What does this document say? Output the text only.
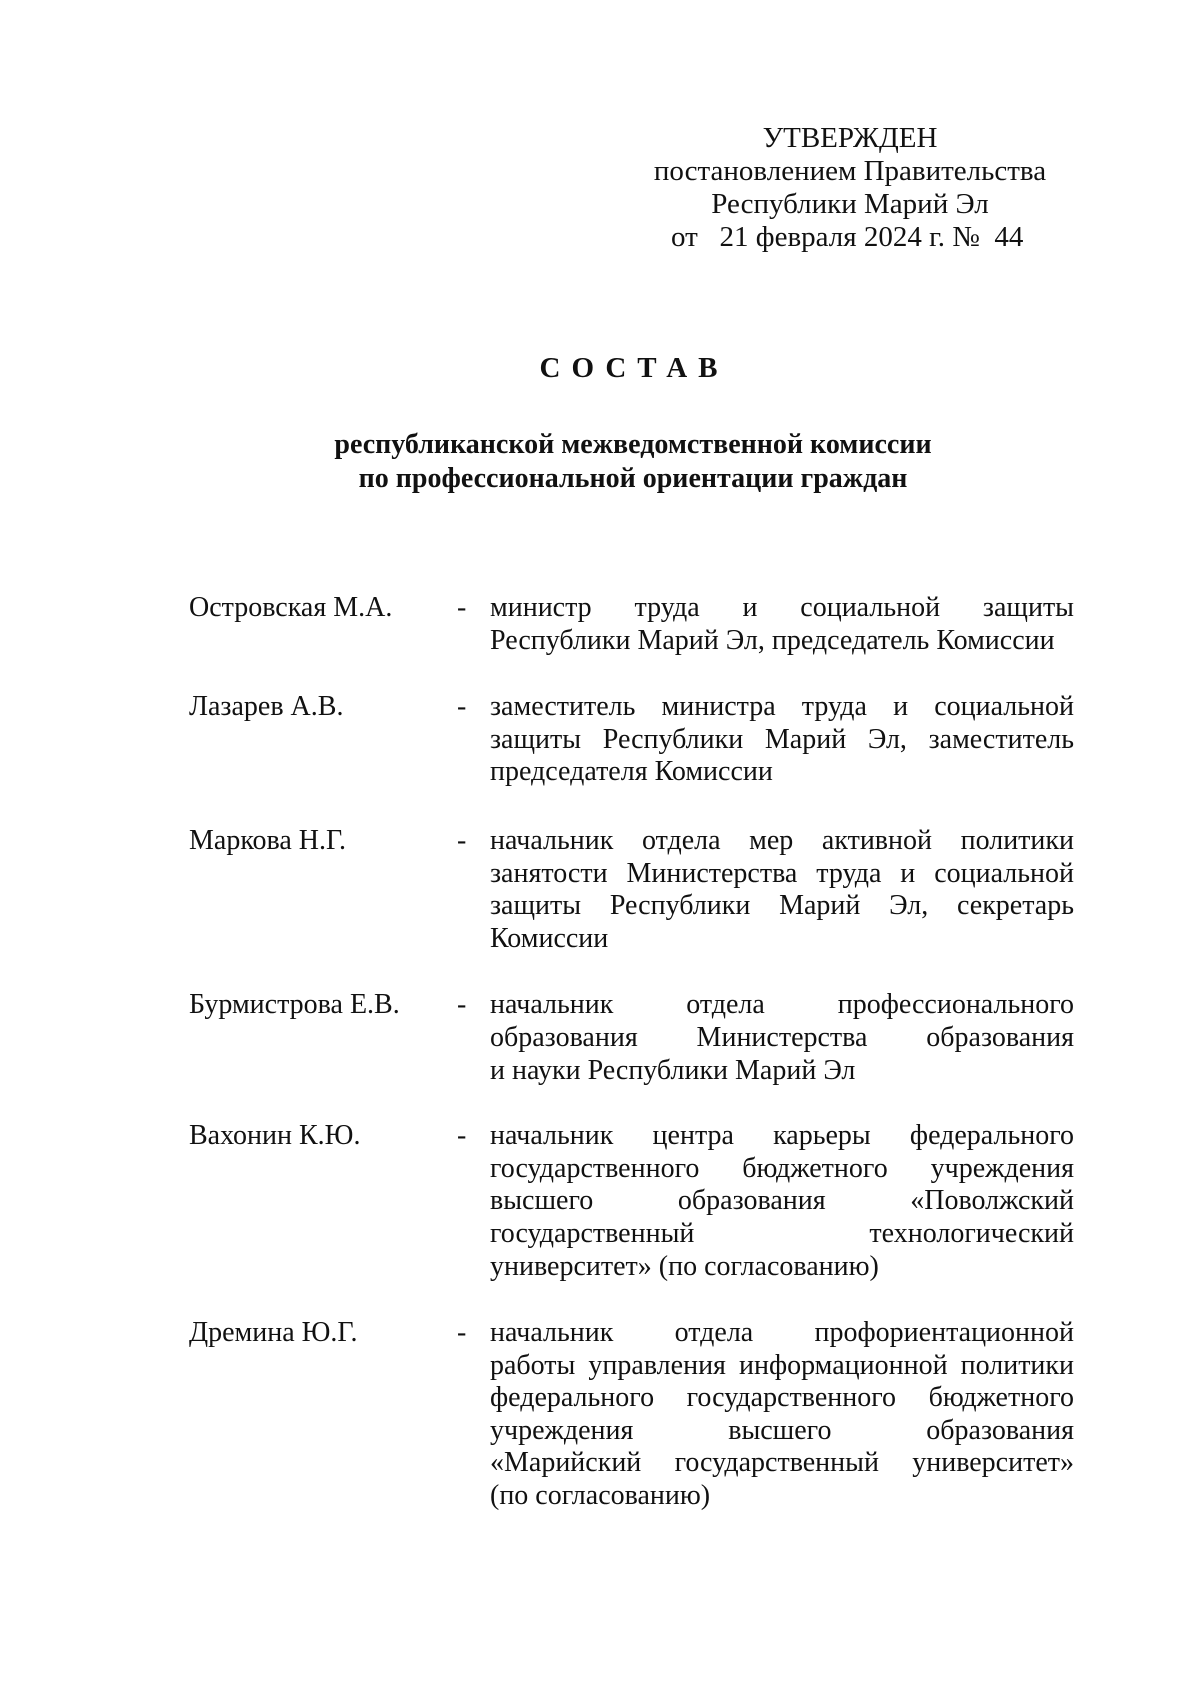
УТВЕРЖДЕН
постановлением Правительства
Республики Марий Эл
от 21 февраля 2024 г. № 44
СОСТАВ
республиканской межведомственной комиссии
по профессиональной ориентации граждан
Островская М.А.	- министр труда и социальной защиты
Республики Марий Эл, председатель Комиссии
Лазарев А.В.	- заместитель министра труда и социальной
защиты Республики Марий Эл, заместитель
председателя Комиссии
Маркова Н.Г.	- начальник отдела мер активной политики
занятости Министерства труда и социальной
защиты Республики Марий Эл, секретарь
Комиссии
Бурмистрова Е.В.	- начальник отдела профессионального
образования Министерства образования
и науки Республики Марий Эл
Вахонин К.Ю.	- начальник центра карьеры федерального
государственного бюджетного учреждения
высшего образования «Поволжский
государственный технологический
университет» (по согласованию)
Дремина Ю.Г.	- начальник отдела профориентационной
работы управления информационной политики
федерального государственного бюджетного
учреждения высшего образования
«Марийский государственный университет»
(по согласованию)
